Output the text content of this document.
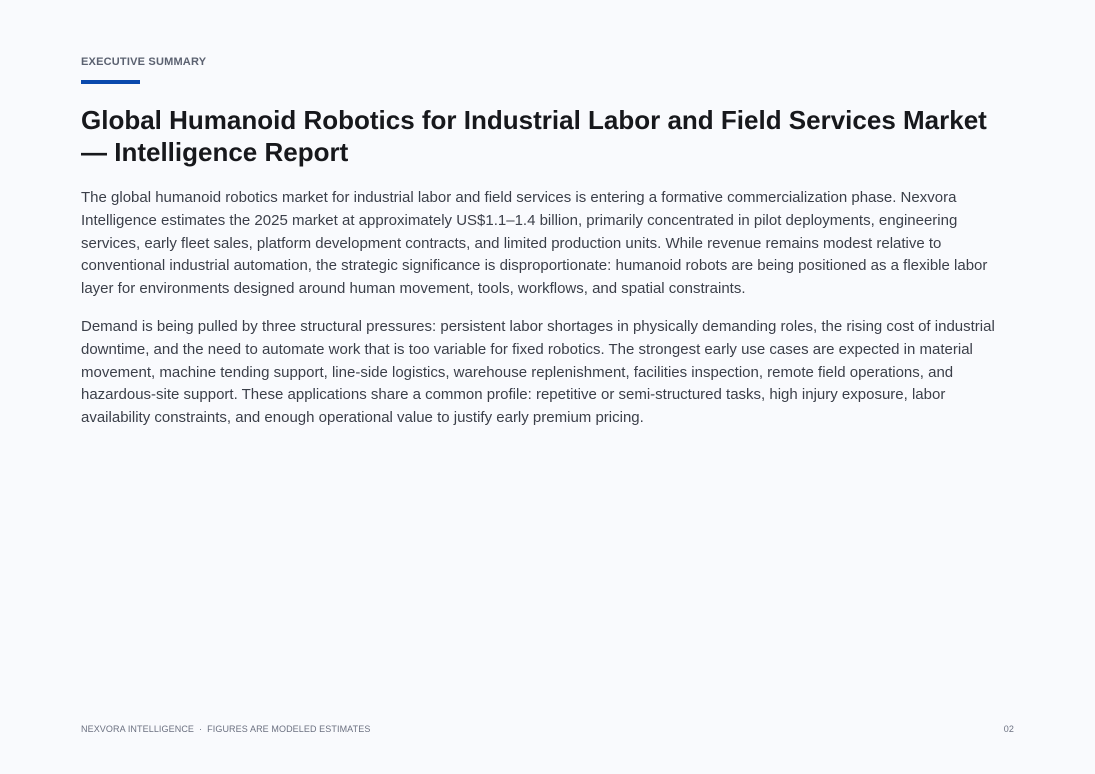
EXECUTIVE SUMMARY
Global Humanoid Robotics for Industrial Labor and Field Services Market — Intelligence Report

The global humanoid robotics market for industrial labor and field services is entering a formative commercialization phase. Nexvora Intelligence estimates the 2025 market at approximately US$1.1–1.4 billion, primarily concentrated in pilot deployments, engineering services, early fleet sales, platform development contracts, and limited production units. While revenue remains modest relative to conventional industrial automation, the strategic significance is disproportionate: humanoid robots are being positioned as a flexible labor layer for environments designed around human movement, tools, workflows, and spatial constraints.

Demand is being pulled by three structural pressures: persistent labor shortages in physically demanding roles, the rising cost of industrial downtime, and the need to automate work that is too variable for fixed robotics. The strongest early use cases are expected in material movement, machine tending support, line-side logistics, warehouse replenishment, facilities inspection, remote field operations, and hazardous-site support. These applications share a common profile: repetitive or semi-structured tasks, high injury exposure, labor availability constraints, and enough operational value to justify early premium pricing.

NEXVORA INTELLIGENCE · FIGURES ARE MODELED ESTIMATES	02
